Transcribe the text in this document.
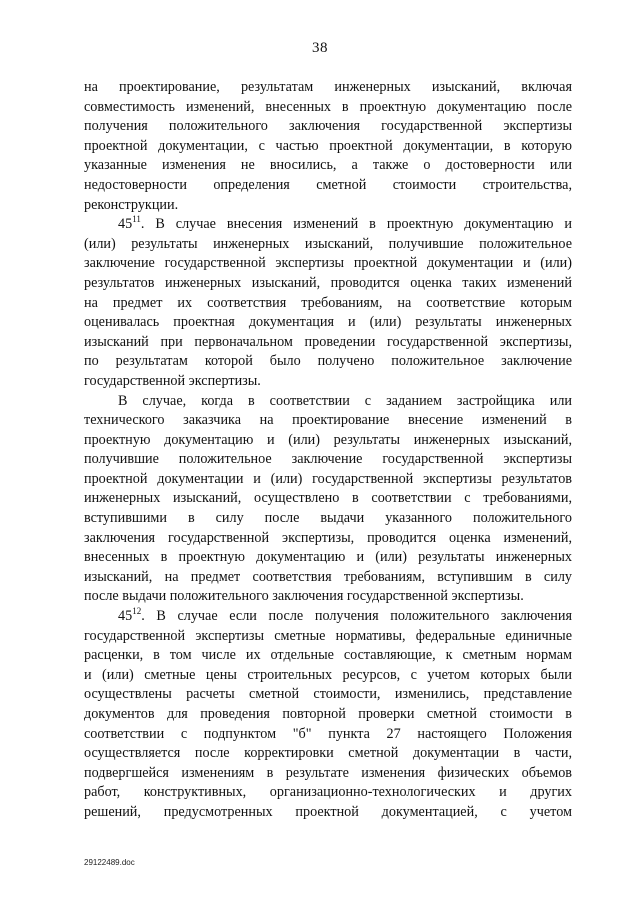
38
на проектирование, результатам инженерных изысканий, включая
совместимость изменений, внесенных в проектную документацию после
получения положительного заключения государственной экспертизы
проектной документации, с частью проектной документации, в которую
указанные изменения не вносились, а также о достоверности или
недостоверности определения сметной стоимости строительства,
реконструкции.
$45^{11}$. В случае внесения изменений в проектную документацию и
(или) результаты инженерных изысканий, получившие положительное
заключение государственной экспертизы проектной документации и (или)
результатов инженерных изысканий, проводится оценка таких изменений
на предмет их соответствия требованиям, на соответствие которым
оценивалась проектная документация и (или) результаты инженерных
изысканий при первоначальном проведении государственной экспертизы,
по результатам которой было получено положительное заключение
государственной экспертизы.
В случае, когда в соответствии с заданием застройщика или
технического заказчика на проектирование внесение изменений в
проектную документацию и (или) результаты инженерных изысканий,
получившие положительное заключение государственной экспертизы
проектной документации и (или) государственной экспертизы результатов
инженерных изысканий, осуществлено в соответствии с требованиями,
вступившими в силу после выдачи указанного положительного
заключения государственной экспертизы, проводится оценка изменений,
внесенных в проектную документацию и (или) результаты инженерных
изысканий, на предмет соответствия требованиям, вступившим в силу
после выдачи положительного заключения государственной экспертизы.
$45^{12}$. В случае если после получения положительного заключения
государственной экспертизы сметные нормативы, федеральные единичные
расценки, в том числе их отдельные составляющие, к сметным нормам
и (или) сметные цены строительных ресурсов, с учетом которых были
осуществлены расчеты сметной стоимости, изменились, представление
документов для проведения повторной проверки сметной стоимости в
соответствии с подпунктом "б" пункта 27 настоящего Положения
осуществляется после корректировки сметной документации в части,
подвергшейся изменениям в результате изменения физических объемов
работ, конструктивных, организационно-технологических и других
решений, предусмотренных проектной документацией, с учетом
29122489.doc
